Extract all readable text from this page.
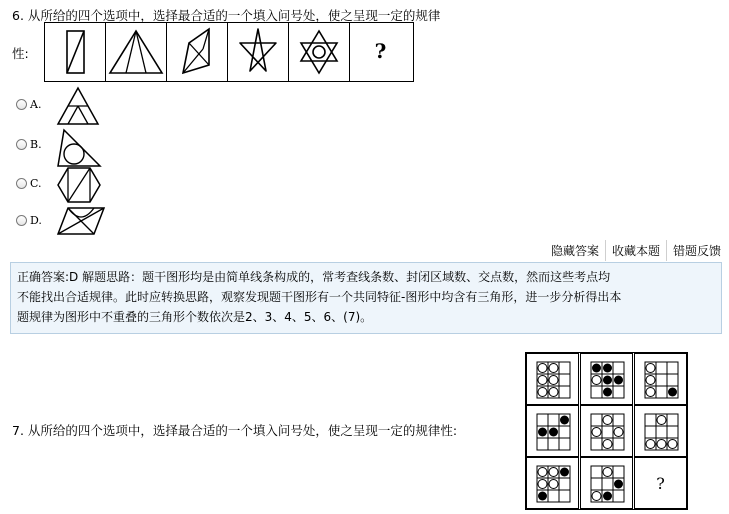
6. 从所给的四个选项中，选择最合适的一个填入问号处，使之呈现一定的规律
性:	?
A.
B.
C.
D.
隐藏答案	收藏本题	错题反馈
正确答案:D 解题思路：题干图形均是由简单线条构成的，常考查线条数、封闭区域数、交点数，然而这些考点均
不能找出合适规律。此时应转换思路，观察发现题干图形有一个共同特征-图形中均含有三角形，进一步分析得出本
题规律为图形中不重叠的三角形个数依次是2、3、4、5、6、(7)。
7. 从所给的四个选项中，选择最合适的一个填入问号处，使之呈现一定的规律性:
?
